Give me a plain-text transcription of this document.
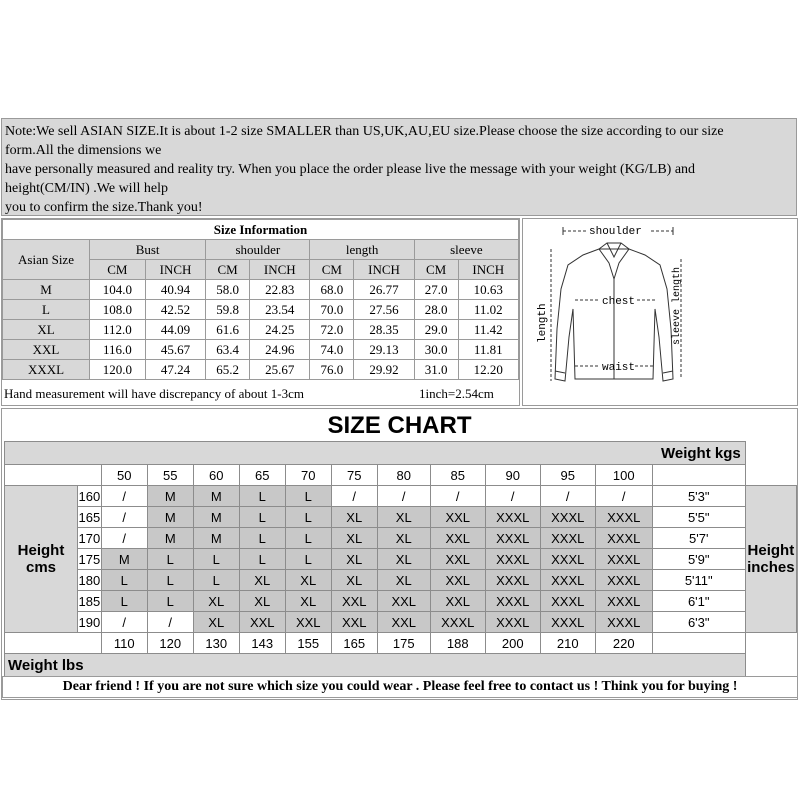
Note:We sell ASIAN SIZE.It is about 1-2 size SMALLER than US,UK,AU,EU size.Please choose the size according to our size
form.All the dimensions we
have personally measured and reality try. When you place the order please live the message with your weight (KG/LB) and
height(CM/IN) .We will help
you to confirm the size.Thank you!
Size Information								
Asian Size	Bust		shoulder		length		sleeve	
	CM	INCH	CM	INCH	CM	INCH	CM	INCH
M	104.0	40.94	58.0	22.83	68.0	26.77	27.0	10.63
L	108.0	42.52	59.8	23.54	70.0	27.56	28.0	11.02
XL	112.0	44.09	61.6	24.25	72.0	28.35	29.0	11.42
XXL	116.0	45.67	63.4	24.96	74.0	29.13	30.0	11.81
XXXL	120.0	47.24	65.2	25.67	76.0	29.92	31.0	12.20
Hand measurement will have discrepancy of about 1-3cm	1inch=2.54cm
shoulder
chest
waist
length	sleeve length
SIZE CHART
Weight kgs														
		50	55	60	65	70	75	80	85	90	95	100		
Height cms	160	/	M	M	L	L	/	/	/	/	/	/	5'3"	Height inches
	165	/	M	M	L	L	XL	XL	XXL	XXXL	XXXL	XXXL	5'5"	
	170	/	M	M	L	L	XL	XL	XXL	XXXL	XXXL	XXXL	5'7'	
	175	M	L	L	L	L	XL	XL	XXL	XXXL	XXXL	XXXL	5'9"	
	180	L	L	L	XL	XL	XL	XL	XXL	XXXL	XXXL	XXXL	5'11"	
	185	L	L	XL	XL	XL	XXL	XXL	XXL	XXXL	XXXL	XXXL	6'1"	
	190	/	/	XL	XXL	XXL	XXL	XXL	XXXL	XXXL	XXXL	XXXL	6'3"	
		110	120	130	143	155	165	175	188	200	210	220		
Weight lbs														
Dear friend ! If you are not sure which size you could wear . Please feel free to contact us ! Think you for buying !
